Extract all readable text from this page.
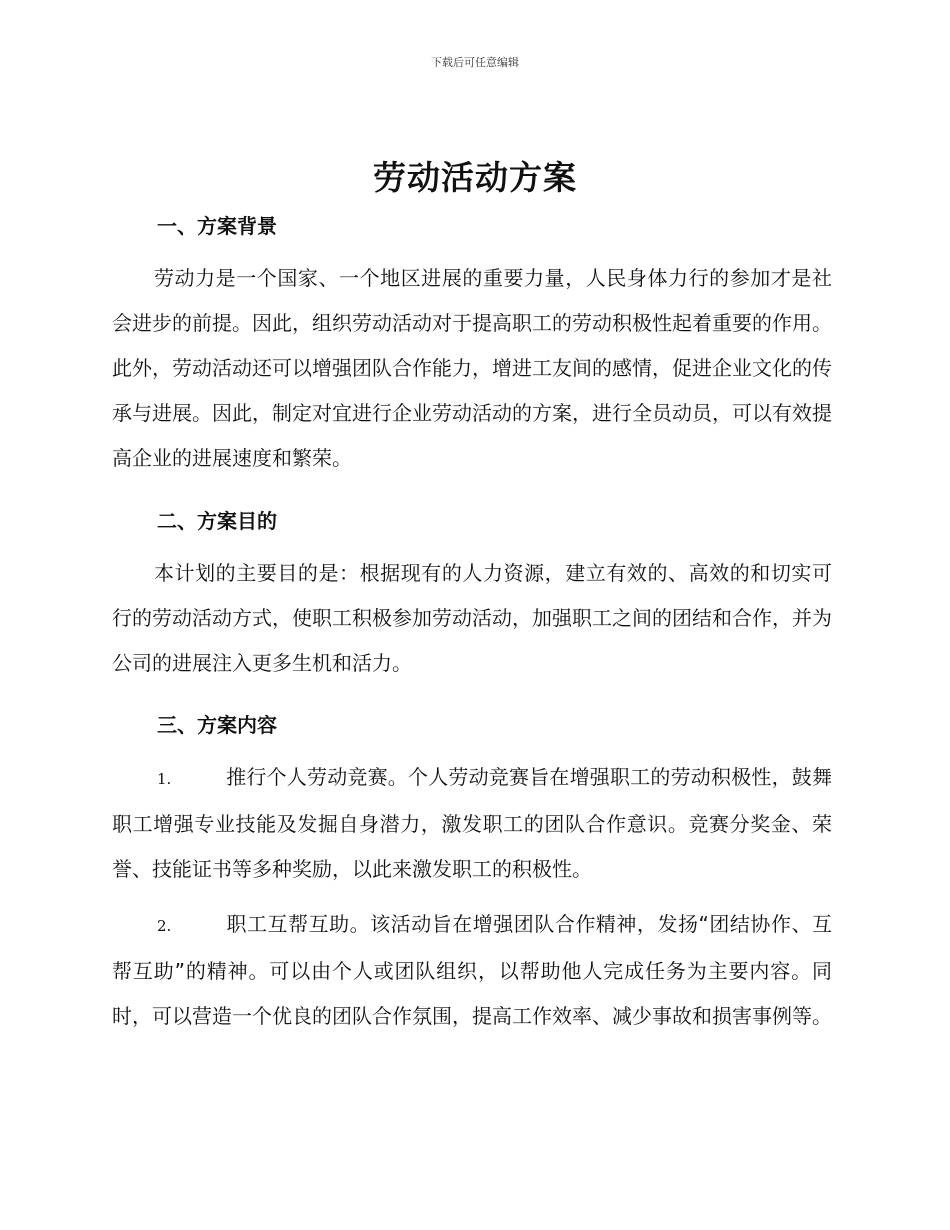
下载后可任意编辑
劳动活动方案
一、方案背景

劳动力是一个国家、一个地区进展的重要力量，人民身体力行的参加才是社会进步的前提。因此，组织劳动活动对于提高职工的劳动积极性起着重要的作用。此外，劳动活动还可以增强团队合作能力，增进工友间的感情，促进企业文化的传承与进展。因此，制定对宜进行企业劳动活动的方案，进行全员动员，可以有效提高企业的进展速度和繁荣。

二、方案目的

本计划的主要目的是：根据现有的人力资源，建立有效的、高效的和切实可行的劳动活动方式，使职工积极参加劳动活动，加强职工之间的团结和合作，并为公司的进展注入更多生机和活力。

三、方案内容

1.	推行个人劳动竞赛。个人劳动竞赛旨在增强职工的劳动积极性，鼓舞职工增强专业技能及发掘自身潜力，激发职工的团队合作意识。竞赛分奖金、荣誉、技能证书等多种奖励，以此来激发职工的积极性。

2.	职工互帮互助。该活动旨在增强团队合作精神，发扬“团结协作、互帮互助”的精神。可以由个人或团队组织，以帮助他人完成任务为主要内容。同时，可以营造一个优良的团队合作氛围，提高工作效率、减少事故和损害事例等。
